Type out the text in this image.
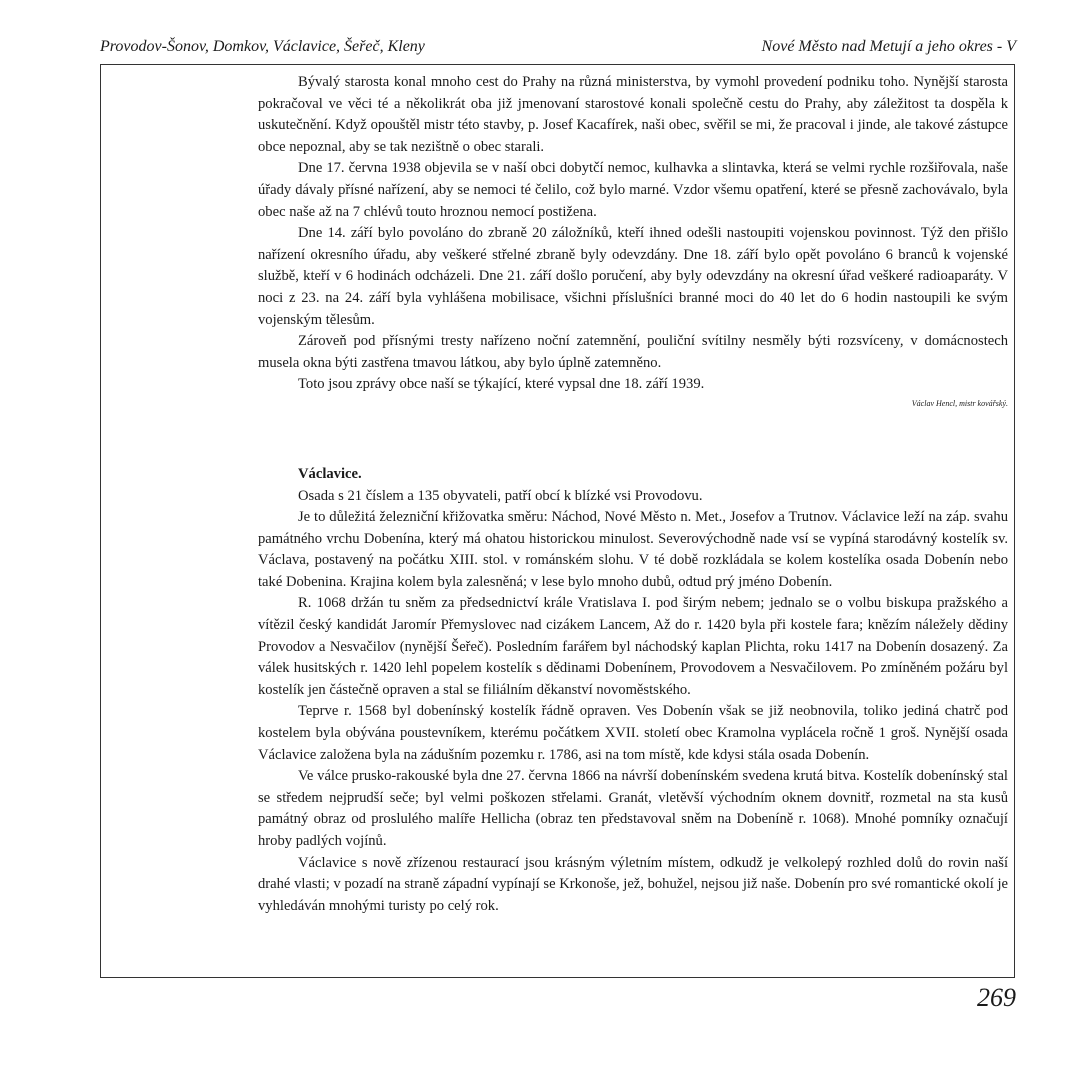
Provodov-Šonov, Domkov, Václavice, Šeřeč, Kleny	Nové Město nad Metují a jeho okres - V

Bývalý starosta konal mnoho cest do Prahy na různá ministerstva, by vymohl provedení podniku toho. Nynější starosta pokračoval ve věci té a několikrát oba již jmenovaní starostové konali společně cestu do Prahy, aby záležitost ta dospěla k uskutečnění. Když opouštěl mistr této stavby, p. Josef Kacafírek, naši obec, svěřil se mi, že pracoval i jinde, ale takové zástupce obce nepoznal, aby se tak nezištně o obec starali.

Dne 17. června 1938 objevila se v naší obci dobytčí nemoc, kulhavka a slintavka, která se velmi rychle rozšiřovala, naše úřady dávaly přísné nařízení, aby se nemoci té čelilo, což bylo marné. Vzdor všemu opatření, které se přesně zachovávalo, byla obec naše až na 7 chlévů touto hroznou nemocí postižena.

Dne 14. září bylo povoláno do zbraně 20 záložníků, kteří ihned odešli nastoupiti vojenskou povinnost. Týž den přišlo nařízení okresního úřadu, aby veškeré střelné zbraně byly odevzdány. Dne 18. září bylo opět povoláno 6 branců k vojenské službě, kteří v 6 hodinách odcházeli. Dne 21. září došlo poručení, aby byly odevzdány na okresní úřad veškeré radioaparáty. V noci z 23. na 24. září byla vyhlášena mobilisace, všichni příslušníci branné moci do 40 let do 6 hodin nastoupili ke svým vojenským tělesům.

Zároveň pod přísnými tresty nařízeno noční zatemnění, pouliční svítilny nesměly býti rozsvíceny, v domácnostech musela okna býti zastřena tmavou látkou, aby bylo úplně zatemněno.

Toto jsou zprávy obce naší se týkající, které vypsal dne 18. září 1939.

Václav Hencl, mistr kovářský.

Václavice.

Osada s 21 číslem a 135 obyvateli, patří obcí k blízké vsi Provodovu.

Je to důležitá železniční křižovatka směru: Náchod, Nové Město n. Met., Josefov a Trutnov. Václavice leží na záp. svahu památného vrchu Dobenína, který má ohatou historickou minulost. Severovýchodně nade vsí se vypíná starodávný kostelík sv. Václava, postavený na počátku XIII. stol. v románském slohu. V té době rozkládala se kolem kostelíka osada Dobenín nebo také Dobenina. Krajina kolem byla zalesněná; v lese bylo mnoho dubů, odtud prý jméno Dobenín.

R. 1068 držán tu sněm za předsednictví krále Vratislava I. pod širým nebem; jednalo se o volbu biskupa pražského a vítězil český kandidát Jaromír Přemyslovec nad cizákem Lancem, Až do r. 1420 byla při kostele fara; knězím náležely dědiny Provodov a Nesvačilov (nynější Šeřeč). Posledním farářem byl náchodský kaplan Plichta, roku 1417 na Dobenín dosazený. Za válek husitských r. 1420 lehl popelem kostelík s dědinami Dobenínem, Provodovem a Nesvačilovem. Po zmíněném požáru byl kostelík jen částečně opraven a stal se filiálním děkanství novoměstského.

Teprve r. 1568 byl dobenínský kostelík řádně opraven. Ves Dobenín však se již neobnovila, toliko jediná chatrč pod kostelem byla obývána poustevníkem, kterému počátkem XVII. století obec Kramolna vyplácela ročně 1 groš. Nynější osada Václavice založena byla na zádušním pozemku r. 1786, asi na tom místě, kde kdysi stála osada Dobenín.

Ve válce prusko-rakouské byla dne 27. června 1866 na návrší dobenínském svedena krutá bitva. Kostelík dobenínský stal se středem nejprudší seče; byl velmi poškozen střelami. Granát, vletěvší východním oknem dovnitř, rozmetal na sta kusů památný obraz od proslulého malíře Hellicha (obraz ten představoval sněm na Dobeníně r. 1068). Mnohé pomníky označují hroby padlých vojínů.

Václavice s nově zřízenou restaurací jsou krásným výletním místem, odkudž je velkolepý rozhled dolů do rovin naší drahé vlasti; v pozadí na straně západní vypínají se Krkonoše, jež, bohužel, nejsou již naše. Dobenín pro své romantické okolí je vyhledáván mnohými turisty po celý rok.

269
